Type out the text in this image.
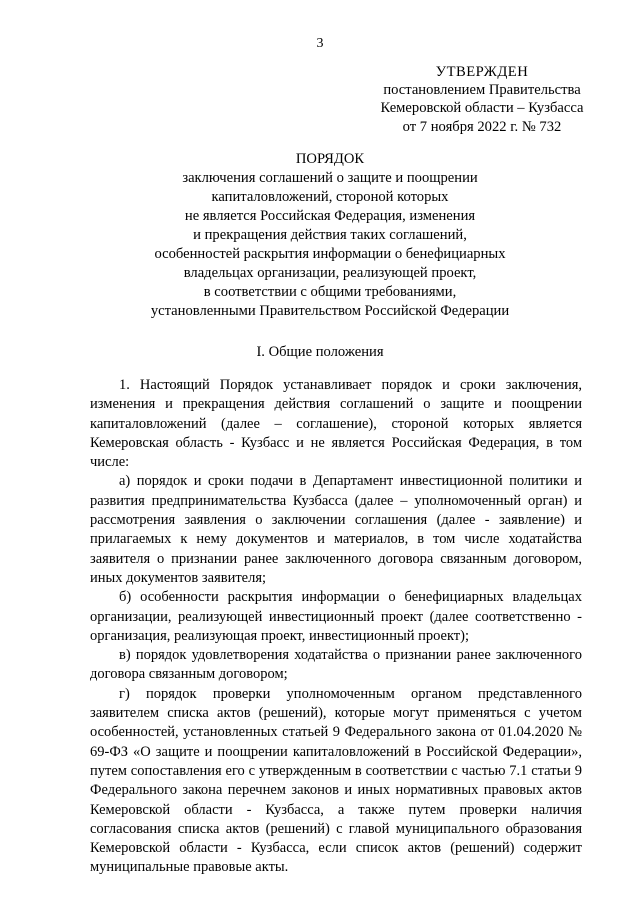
3
УТВЕРЖДЕН
постановлением Правительства
Кемеровской области – Кузбасса
от 7 ноября 2022 г. № 732
ПОРЯДОК
заключения соглашений о защите и поощрении
капиталовложений, стороной которых
не является Российская Федерация, изменения
и прекращения действия таких соглашений,
особенностей раскрытия информации о бенефициарных
владельцах организации, реализующей проект,
в соответствии с общими требованиями,
установленными Правительством Российской Федерации
I. Общие положения

1. Настоящий Порядок устанавливает порядок и сроки заключения, изменения и прекращения действия соглашений о защите и поощрении капиталовложений (далее – соглашение), стороной которых является Кемеровская область - Кузбасс и не является Российская Федерация, в том числе:

а) порядок и сроки подачи в Департамент инвестиционной политики и развития предпринимательства Кузбасса (далее – уполномоченный орган) и рассмотрения заявления о заключении соглашения (далее - заявление) и прилагаемых к нему документов и материалов, в том числе ходатайства заявителя о признании ранее заключенного договора связанным договором, иных документов заявителя;

б) особенности раскрытия информации о бенефициарных владельцах организации, реализующей инвестиционный проект (далее соответственно - организация, реализующая проект, инвестиционный проект);

в) порядок удовлетворения ходатайства о признании ранее заключенного договора связанным договором;

г) порядок проверки уполномоченным органом представленного заявителем списка актов (решений), которые могут применяться с учетом особенностей, установленных статьей 9 Федерального закона от 01.04.2020 № 69-ФЗ «О защите и поощрении капиталовложений в Российской Федерации», путем сопоставления его с утвержденным в соответствии с частью 7.1 статьи 9 Федерального закона перечнем законов и иных нормативных правовых актов Кемеровской области - Кузбасса, а также путем проверки наличия согласования списка актов (решений) с главой муниципального образования Кемеровской области - Кузбасса, если список актов (решений) содержит муниципальные правовые акты.
